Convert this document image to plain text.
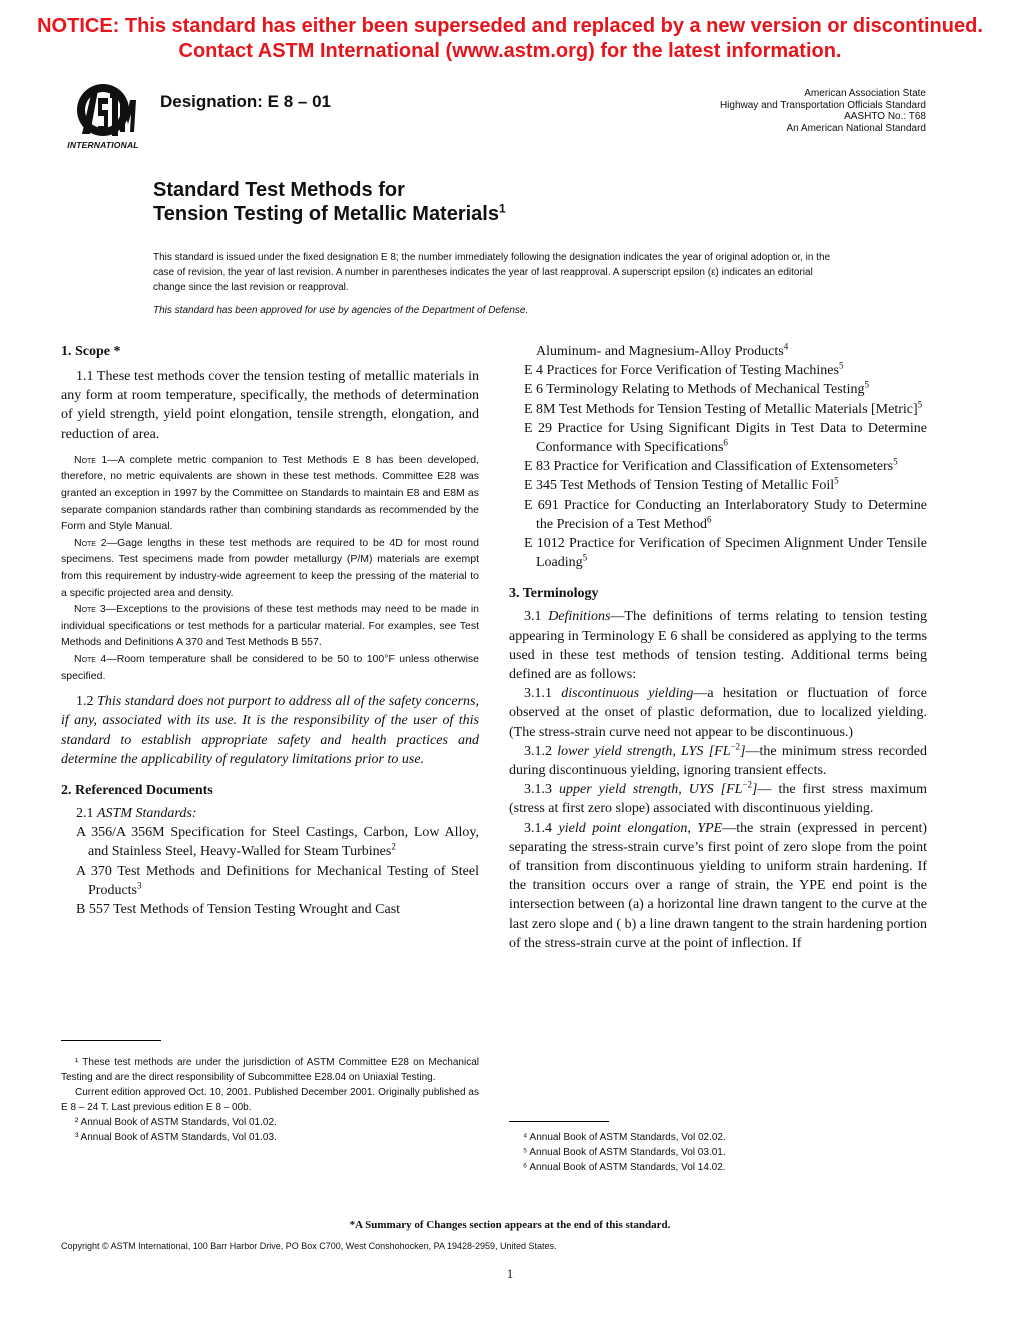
NOTICE: This standard has either been superseded and replaced by a new version or discontinued.
Contact ASTM International (www.astm.org) for the latest information.
INTERNATIONAL
Designation: E 8 – 01	American Association State
Highway and Transportation Officials Standard
AASHTO No.: T68
An American National Standard
Standard Test Methods for
Tension Testing of Metallic Materials$^1$
This standard is issued under the fixed designation E 8; the number immediately following the designation indicates the year of original adoption or, in the case of revision, the year of last revision. A number in parentheses indicates the year of last reapproval. A superscript epsilon (ε) indicates an editorial change since the last revision or reapproval.
This standard has been approved for use by agencies of the Department of Defense.
1. Scope *

1.1 These test methods cover the tension testing of metallic materials in any form at room temperature, specifically, the methods of determination of yield strength, yield point elongation, tensile strength, elongation, and reduction of area.

Note 1—A complete metric companion to Test Methods E 8 has been developed, therefore, no metric equivalents are shown in these test methods. Committee E28 was granted an exception in 1997 by the Committee on Standards to maintain E8 and E8M as separate companion standards rather than combining standards as recommended by the Form and Style Manual.

Note 2—Gage lengths in these test methods are required to be 4D for most round specimens. Test specimens made from powder metallurgy (P/M) materials are exempt from this requirement by industry-wide agreement to keep the pressing of the material to a specific projected area and density.

Note 3—Exceptions to the provisions of these test methods may need to be made in individual specifications or test methods for a particular material. For examples, see Test Methods and Definitions A 370 and Test Methods B 557.

Note 4—Room temperature shall be considered to be 50 to 100°F unless otherwise specified.

1.2 This standard does not purport to address all of the safety concerns, if any, associated with its use. It is the responsibility of the user of this standard to establish appropriate safety and health practices and determine the applicability of regulatory limitations prior to use.

2. Referenced Documents

2.1 ASTM Standards:

A 356/A 356M Specification for Steel Castings, Carbon, Low Alloy, and Stainless Steel, Heavy-Walled for Steam Turbines$^2$

A 370 Test Methods and Definitions for Mechanical Testing of Steel Products$^3$

B 557 Test Methods of Tension Testing Wrought and Cast

Aluminum- and Magnesium-Alloy Products$^4$

E 4 Practices for Force Verification of Testing Machines$^5$

E 6 Terminology Relating to Methods of Mechanical Testing$^5$

E 8M Test Methods for Tension Testing of Metallic Materials [Metric]$^5$

E 29 Practice for Using Significant Digits in Test Data to Determine Conformance with Specifications$^6$

E 83 Practice for Verification and Classification of Extensometers$^5$

E 345 Test Methods of Tension Testing of Metallic Foil$^5$

E 691 Practice for Conducting an Interlaboratory Study to Determine the Precision of a Test Method$^6$

E 1012 Practice for Verification of Specimen Alignment Under Tensile Loading$^5$

3. Terminology

3.1 Definitions—The definitions of terms relating to tension testing appearing in Terminology E 6 shall be considered as applying to the terms used in these test methods of tension testing. Additional terms being defined are as follows:

3.1.1 discontinuous yielding—a hesitation or fluctuation of force observed at the onset of plastic deformation, due to localized yielding. (The stress-strain curve need not appear to be discontinuous.)

3.1.2 lower yield strength, LYS $[FL^{-2}]—the$ minimum stress recorded during discontinuous yielding, ignoring transient effects.

3.1.3 upper yield strength, UYS $[FL^{-2}]—$ the first stress maximum (stress at first zero slope) associated with discontinuous yielding.

3.1.4 yield point elongation, YPE—the strain (expressed in percent) separating the stress-strain curve’s first point of zero slope from the point of transition from discontinuous yielding to uniform strain hardening. If the transition occurs over a range of strain, the YPE end point is the intersection between (a) a horizontal line drawn tangent to the curve at the last zero slope and ( b) a line drawn tangent to the strain hardening portion of the stress-strain curve at the point of inflection. If

¹ These test methods are under the jurisdiction of ASTM Committee E28 on Mechanical Testing and are the direct responsibility of Subcommittee E28.04 on Uniaxial Testing.

Current edition approved Oct. 10, 2001. Published December 2001. Originally published as E 8 – 24 T. Last previous edition E 8 – 00b.

² Annual Book of ASTM Standards, Vol 01.02.

³ Annual Book of ASTM Standards, Vol 01.03.	⁴ Annual Book of ASTM Standards, Vol 02.02.

⁵ Annual Book of ASTM Standards, Vol 03.01.

⁶ Annual Book of ASTM Standards, Vol 14.02.

*A Summary of Changes section appears at the end of this standard.
Copyright © ASTM International, 100 Barr Harbor Drive, PO Box C700, West Conshohocken, PA 19428-2959, United States.
1
